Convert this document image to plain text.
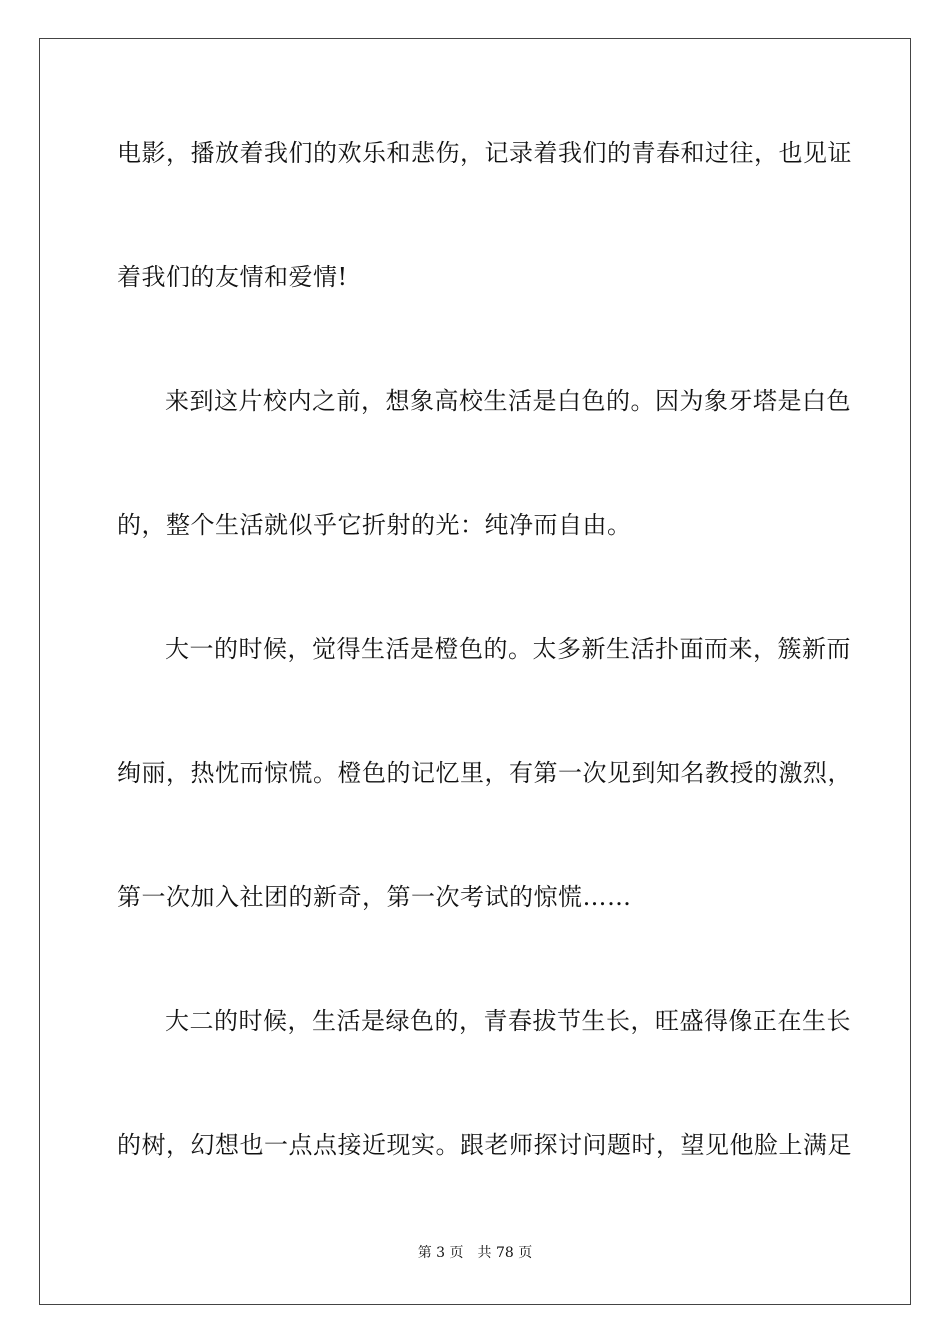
电影，播放着我们的欢乐和悲伤，记录着我们的青春和过往，也见证
着我们的友情和爱情!
来到这片校内之前，想象高校生活是白色的。因为象牙塔是白色
的，整个生活就似乎它折射的光：纯净而自由。
大一的时候，觉得生活是橙色的。太多新生活扑面而来，簇新而
绚丽，热忱而惊慌。橙色的记忆里，有第一次见到知名教授的激烈，
第一次加入社团的新奇，第一次考试的惊慌……
大二的时候，生活是绿色的，青春拔节生长，旺盛得像正在生长
的树，幻想也一点点接近现实。跟老师探讨问题时，望见他脸上满足
第 3 页 共 78 页
